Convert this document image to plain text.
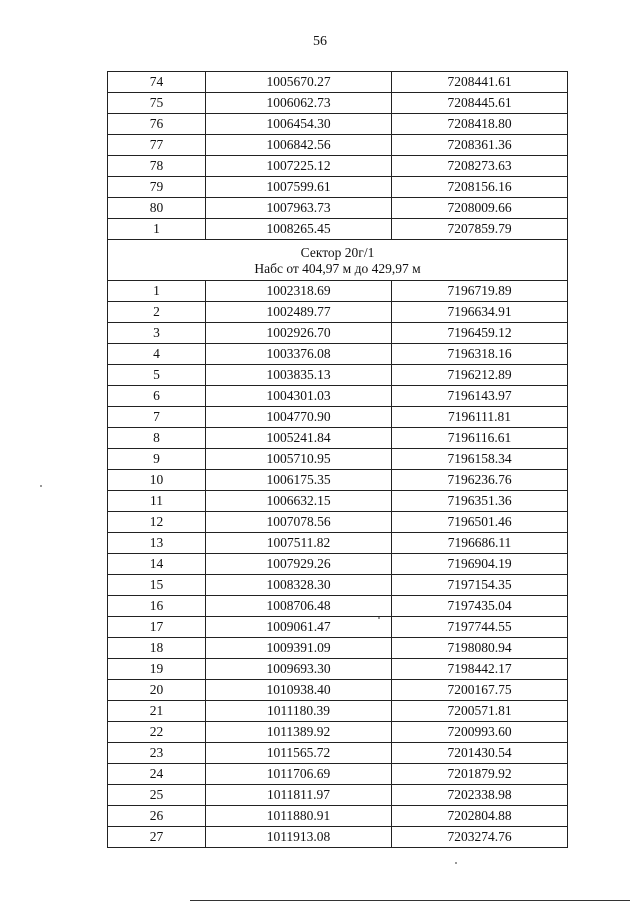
56
74	1005670.27	7208441.61
75	1006062.73	7208445.61
76	1006454.30	7208418.80
77	1006842.56	7208361.36
78	1007225.12	7208273.63
79	1007599.61	7208156.16
80	1007963.73	7208009.66
1	1008265.45	7207859.79

Сектор 20г/1
Набс от 404,97 м до 429,97 м		

1	1002318.69	7196719.89
2	1002489.77	7196634.91
3	1002926.70	7196459.12
4	1003376.08	7196318.16
5	1003835.13	7196212.89
6	1004301.03	7196143.97
7	1004770.90	7196111.81
8	1005241.84	7196116.61
9	1005710.95	7196158.34
10	1006175.35	7196236.76
11	1006632.15	7196351.36
12	1007078.56	7196501.46
13	1007511.82	7196686.11
14	1007929.26	7196904.19
15	1008328.30	7197154.35
16	1008706.48	7197435.04
17	1009061.47	7197744.55
18	1009391.09	7198080.94
19	1009693.30	7198442.17
20	1010938.40	7200167.75
21	1011180.39	7200571.81
22	1011389.92	7200993.60
23	1011565.72	7201430.54
24	1011706.69	7201879.92
25	1011811.97	7202338.98
26	1011880.91	7202804.88
27	1011913.08	7203274.76
